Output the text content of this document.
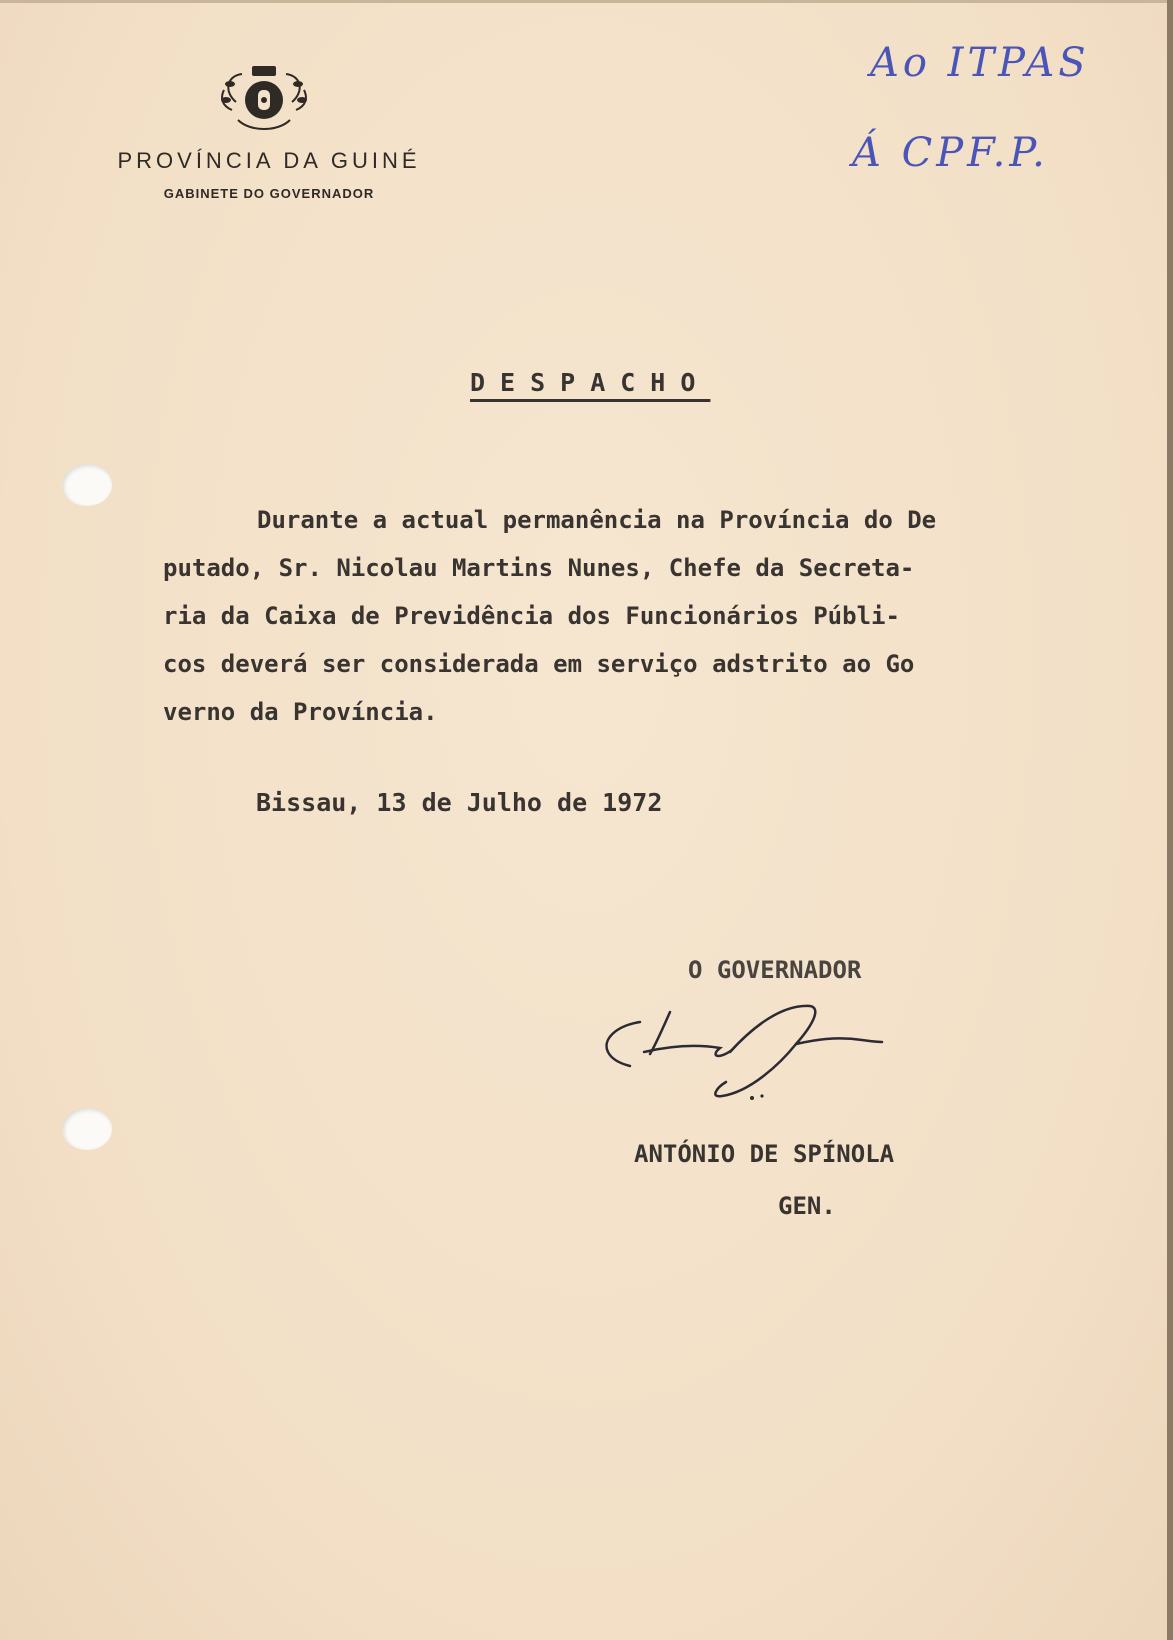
PROVÍNCIA DA GUINÉ
GABINETE DO GOVERNADOR
Ao ITPAS
Á CPF.P.
DESPACHO
Durante a actual permanência na Província do De
putado, Sr. Nicolau Martins Nunes, Chefe da Secreta-
ria da Caixa de Previdência dos Funcionários Públi-
cos deverá ser considerada em serviço adstrito ao Go
verno da Província.
Bissau, 13 de Julho de 1972
O GOVERNADOR
ANTÓNIO DE SPÍNOLA
GEN.
